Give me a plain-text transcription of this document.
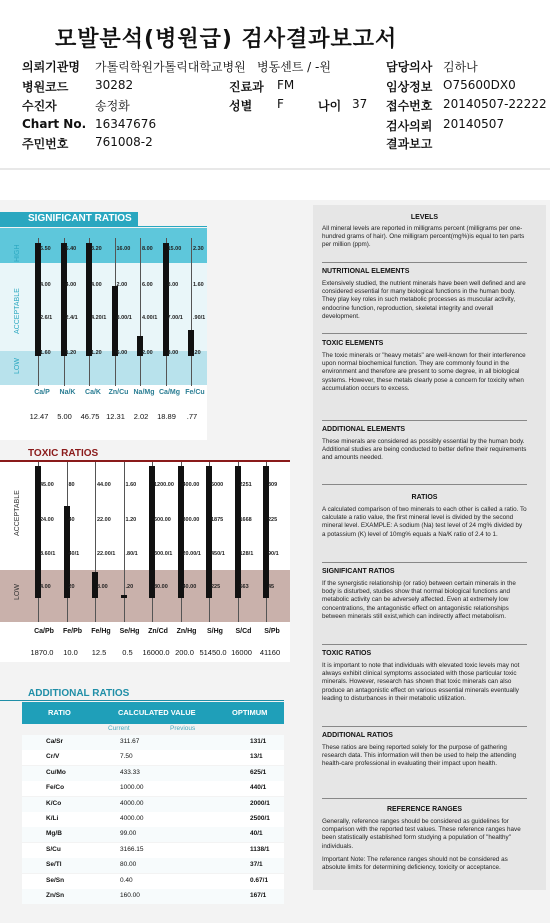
모발분석(병원급) 검사결과보고서
의뢰기관명 가톨릭학원가톨릭대학교병원 병동센트 / -원
병원코드 30282	진료과 FM
수진자	송정화	성별 F	나이 37
Chart No. 16347676
주민번호 761008-2
담당의사 김하나
임상정보 O75600DX0
접수번호 20140507-22222
검사의뢰 20140507
결과보고
SIGNIFICANT RATIOS
HIGH
ACCEPTABLE
LOW
6.50
4.00
2.6/1
1.60
Ca/P
12.47
5.40
4.00
2.4/1
1.20
Na/K
5.00
3.20
4.00
4.20/1
1.20
Ca/K
46.75
16.00
2.00
8.00/1
6.00
Zn/Cu
12.31
8.00
6.00
4.00/1
2.00
Na/Mg
2.02
15.00
8.00
7.00/1
3.00
Ca/Mg
18.89
2.30
1.60
.90/1
.20
Fe/Cu
.77
TOXIC RATIOS
ACCEPTABLE
LOW
45.00
24.00
8.60/1
4.00
Ca/Pb
1870.0
80
40
40/1
20
Fe/Pb
10.0
44.00
22.00
22.00/1
8.00
Fe/Hg
12.5
1.60
1.20
.80/1
.20
Se/Hg
0.5
1200.00
600.00
300.0/1
80.00
Zn/Cd
16000.0
400.00
300.00
20.00/1
40.00
Zn/Hg
200.0
5000
1875
450/1
225
S/Hg
51450.0
2251
1668
128/1
563
S/Cd
16000
309
225
90/1
45
S/Pb
41160
ADDITIONAL RATIOS
RATIO	CALCULATED VALUE	OPTIMUM
Current	Previous
Ca/Sr	311.67	131/1
Cr/V	7.50	13/1
Cu/Mo	433.33	625/1
Fe/Co	1000.00	440/1
K/Co	4000.00	2000/1
K/Li	4000.00	2500/1
Mg/B	99.00	40/1
S/Cu	3166.15	1138/1
Se/Tl	80.00	37/1
Se/Sn	0.40	0.67/1
Zn/Sn	160.00	167/1
LEVELS
All mineral levels are reported in milligrams percent (milligrams per one-hundred grams of hair). One milligram percent(mg%)is equal to ten parts per million (ppm).
NUTRITIONAL ELEMENTS
Extensively studied, the nutrient minerals have been well defined and are considered essential for many biological functions in the human body. They play key roles in such metabolic processes as muscular activity, endocrine function, reproduction, skeletal integrity and overall development.
TOXIC ELEMENTS
The toxic minerals or "heavy metals" are well-known for their interference upon normal biochemical function. They are commonly found in the environment and therefore are present to some degree, in all biological systems. However, these metals clearly pose a concern for toxicity when accumulation occurs to excess.
ADDITIONAL ELEMENTS
These minerals are considered as possibly essential by the human body. Additional studies are being conducted to better define their requirements and amounts needed.
RATIOS
A calculated comparison of two minerals to each other is called a ratio. To calculate a ratio value, the first mineral level is divided by the second mineral level. EXAMPLE: A sodium (Na) test level of 24 mg% divided by a potassium (K) level of 10mg% equals a Na/K ratio of 2.4 to 1.
SIGNIFICANT RATIOS
If the synergistic relationship (or ratio) between certain minerals in the body is disturbed, studies show that normal biological functions and metabolic activity can be adversely affected. Even at extremely low concentrations, the antagonistic effect on antagonistic relationships between minerals still exist,which can indirectly affect metabolism.
TOXIC RATIOS
It is important to note that individuals with elevated toxic levels may not always exhibit clinical symptoms associated with those particular toxic minerals. However, research has shown that toxic minerals can also produce an antagonistic effect on various essential minerals eventually leading to disturbances in their metabolic utilization.
ADDITIONAL RATIOS
These ratios are being reported solely for the purpose of gathering research data. This information will then be used to help the attending health-care professional in evaluating their impact upon health.
REFERENCE RANGES
Generally, reference ranges should be considered as guidelines for comparison with the reported test values. These reference ranges have been statistically established form studying a population of "healthy" individuals.
Important Note: The reference ranges should not be considered as absolute limits for determining deficiency, toxicity or acceptance.
